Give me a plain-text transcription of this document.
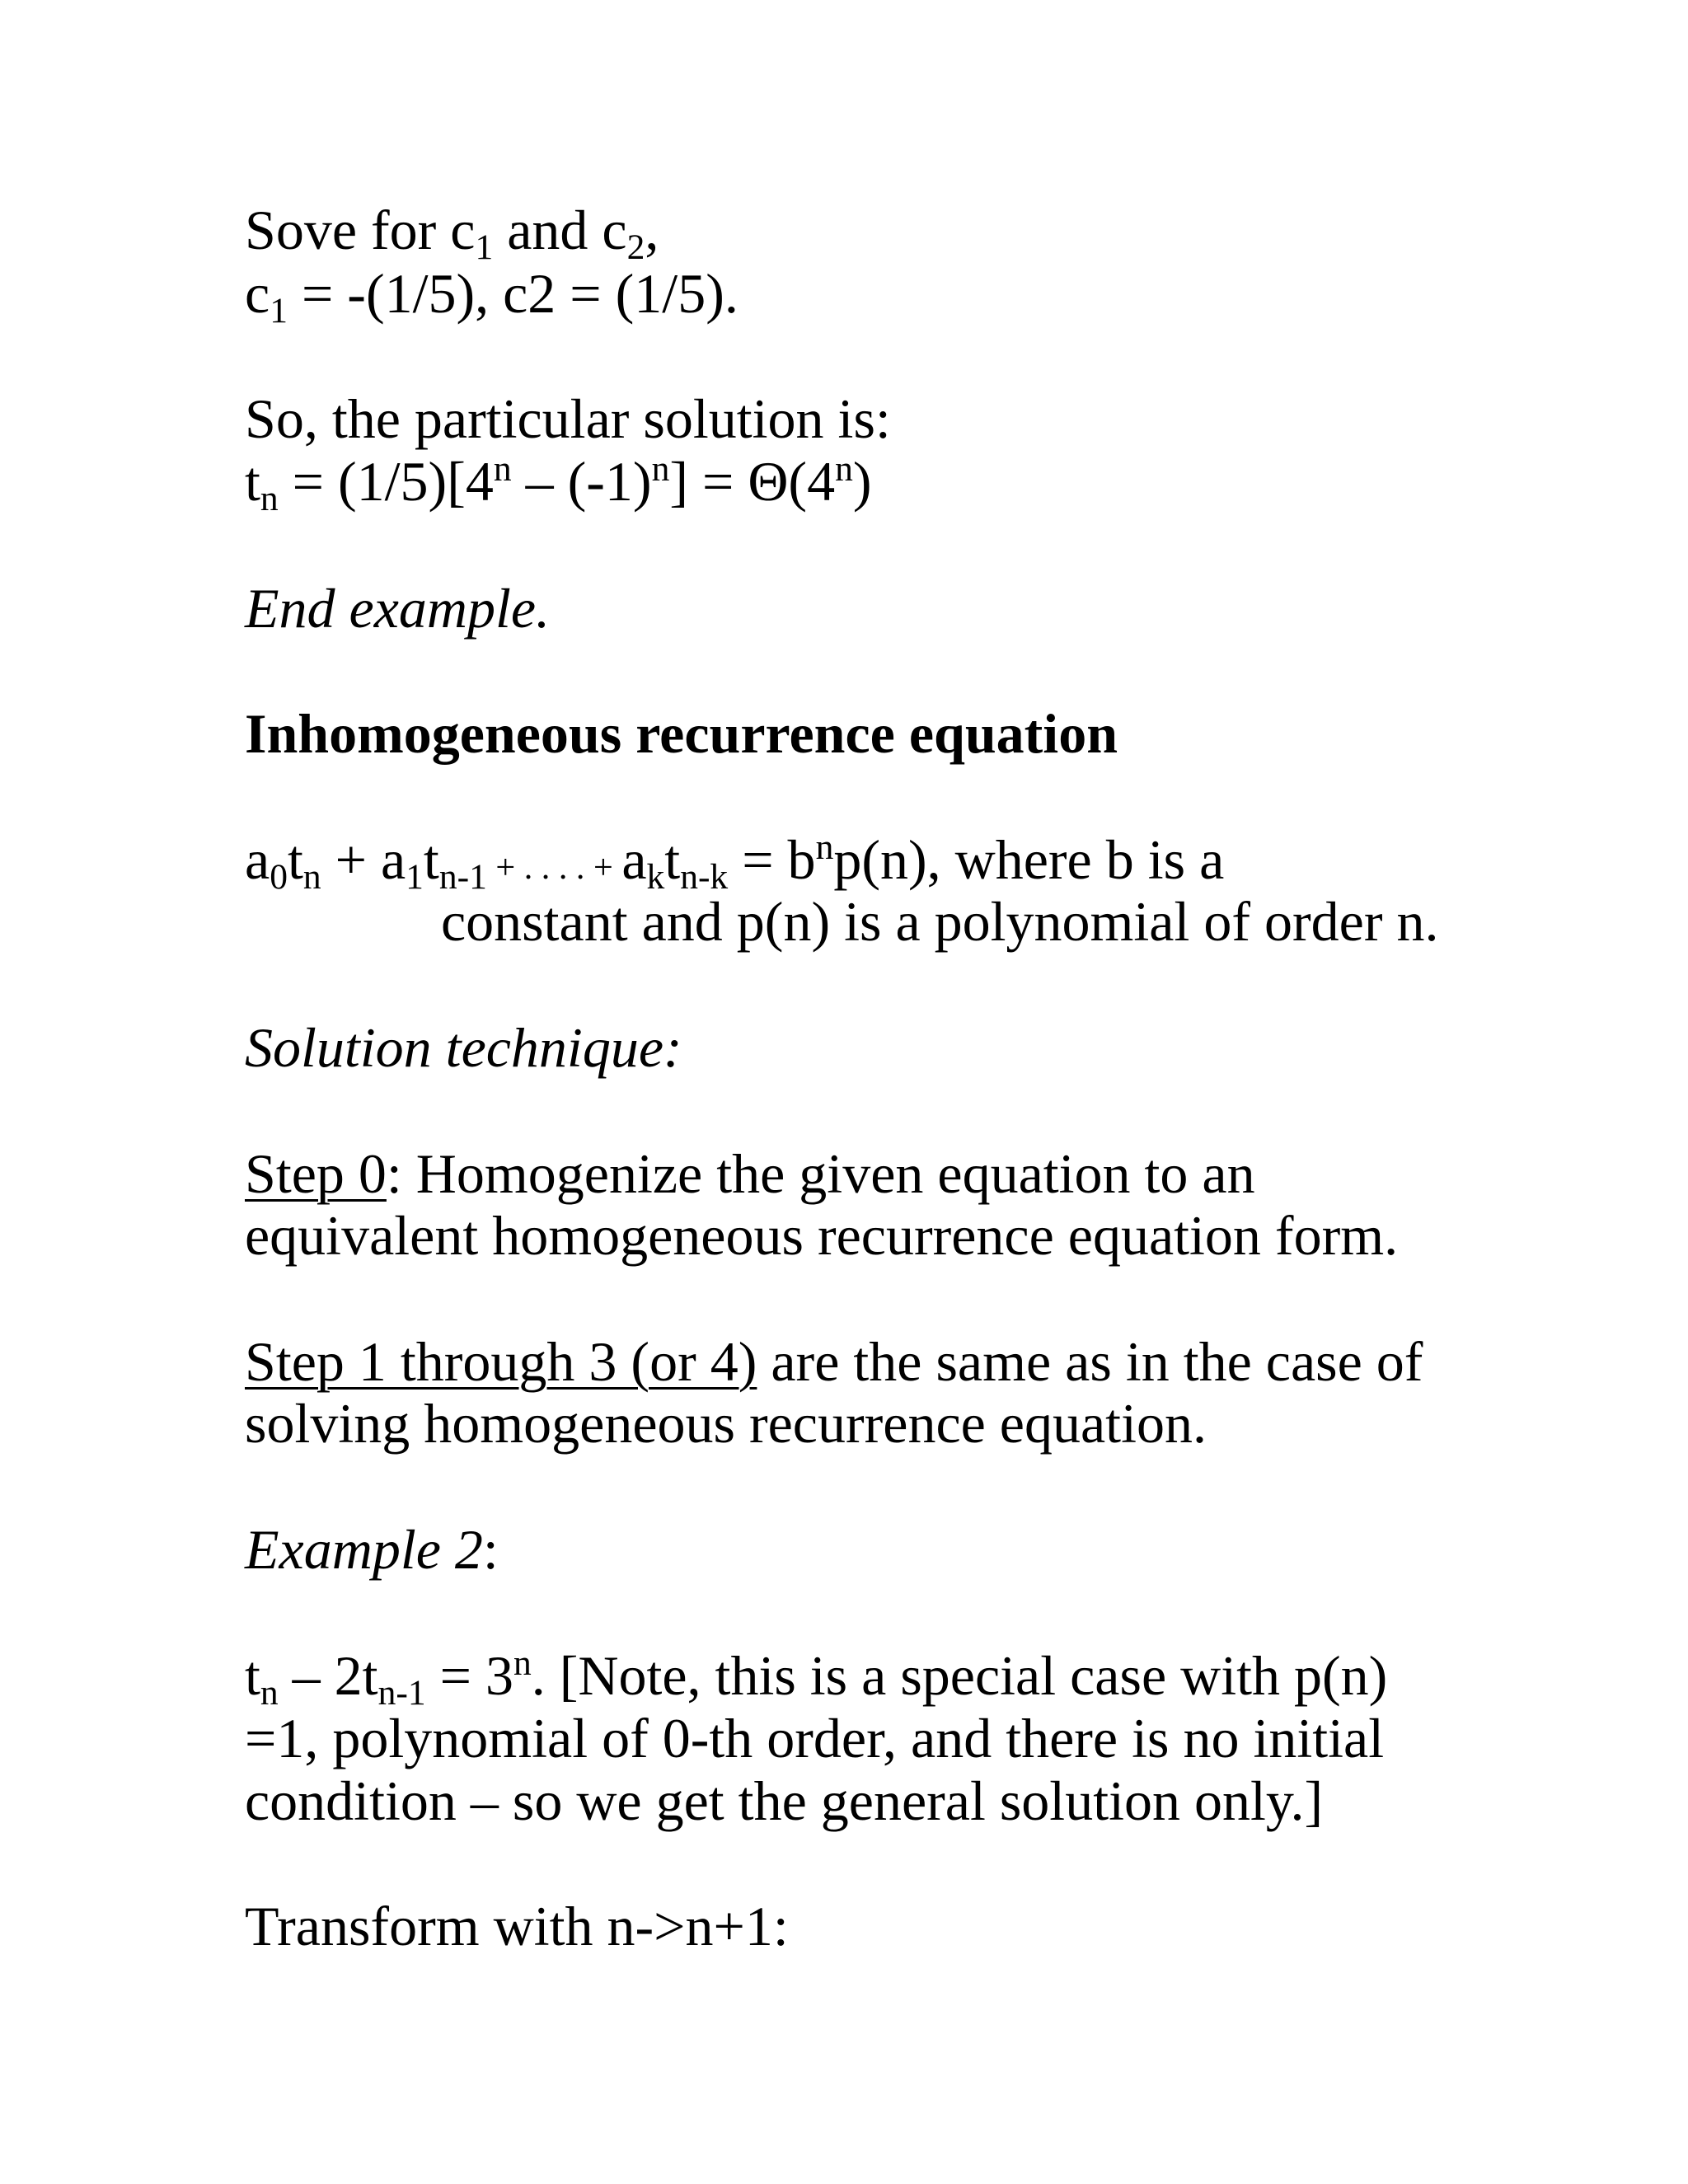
Sove for $c_1$ and $c_2$,
$c_1 = -(1/5)$, c2 = (1/5).
So, the particular solution is:
$t_n = (1/5)[4^n - (-1)^n] = \Theta(4^n)$
End example.
Inhomogeneous recurrence equation
$a_0t_n + a_1t_{n-1}$ + . . . . + $a_kt_{n-k} = b^np(n)$, where b is a
constant and p(n) is a polynomial of order n.
Solution technique:
Step 0: Homogenize the given equation to an
equivalent homogeneous recurrence equation form.
Step 1 through 3 (or 4) are the same as in the case of
solving homogeneous recurrence equation.
Example 2:
$t_n - 2t_{n-1} = 3^n$. [Note, this is a special case with p(n)
=1, polynomial of 0-th order, and there is no initial
condition – so we get the general solution only.]
Transform with n->n+1:
